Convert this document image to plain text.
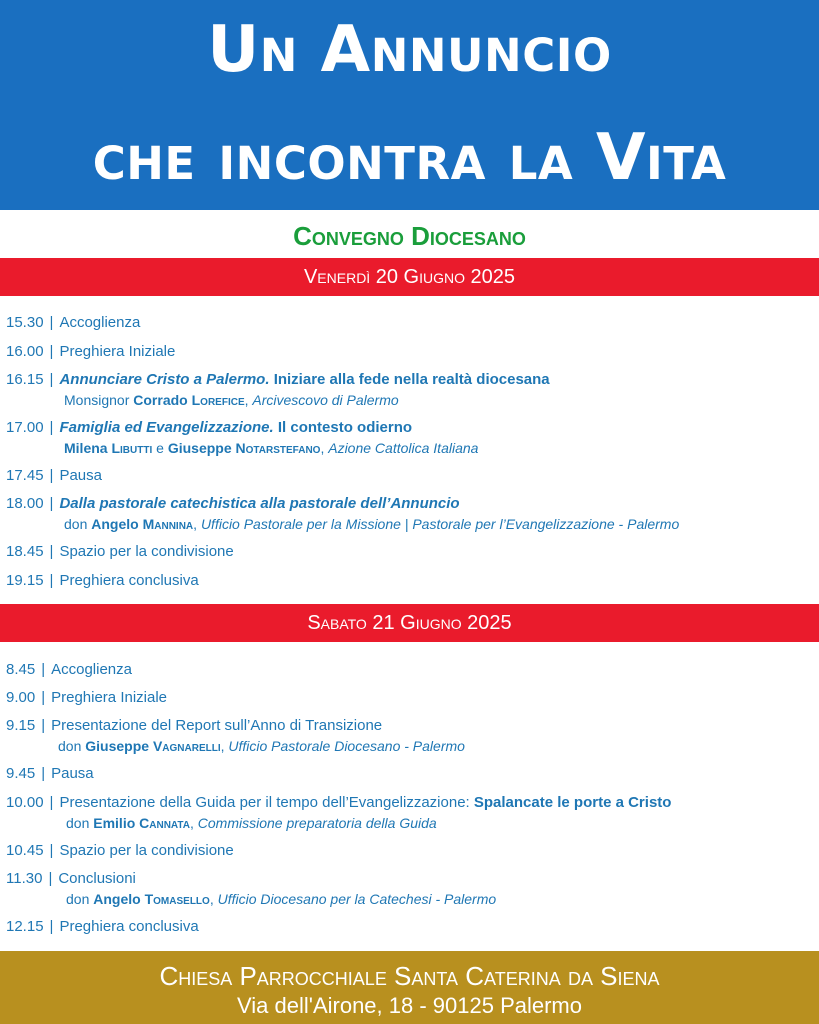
Un Annuncio
che incontra la Vita
Convegno Diocesano
Venerdì 20 Giugno 2025
15.30 | Accoglienza
16.00 | Preghiera Iniziale
16.15 | Annunciare Cristo a Palermo. Iniziare alla fede nella realtà diocesana
Monsignor Corrado Lorefice, Arcivescovo di Palermo
17.00 | Famiglia ed Evangelizzazione. Il contesto odierno
Milena Libutti e Giuseppe Notarstefano, Azione Cattolica Italiana
17.45 | Pausa
18.00 | Dalla pastorale catechistica alla pastorale dell’Annuncio
don Angelo Mannina, Ufficio Pastorale per la Missione | Pastorale per l’Evangelizzazione - Palermo
18.45 | Spazio per la condivisione
19.15 | Preghiera conclusiva
Sabato 21 Giugno 2025
8.45 | Accoglienza
9.00 | Preghiera Iniziale
9.15 | Presentazione del Report sull’Anno di Transizione
don Giuseppe Vagnarelli, Ufficio Pastorale Diocesano - Palermo
9.45 | Pausa
10.00 | Presentazione della Guida per il tempo dell’Evangelizzazione: Spalancate le porte a Cristo
don Emilio Cannata, Commissione preparatoria della Guida
10.45 | Spazio per la condivisione
11.30 | Conclusioni
don Angelo Tomasello, Ufficio Diocesano per la Catechesi - Palermo
12.15 | Preghiera conclusiva
Chiesa Parrocchiale Santa Caterina da Siena
Via dell'Airone, 18 - 90125 Palermo
